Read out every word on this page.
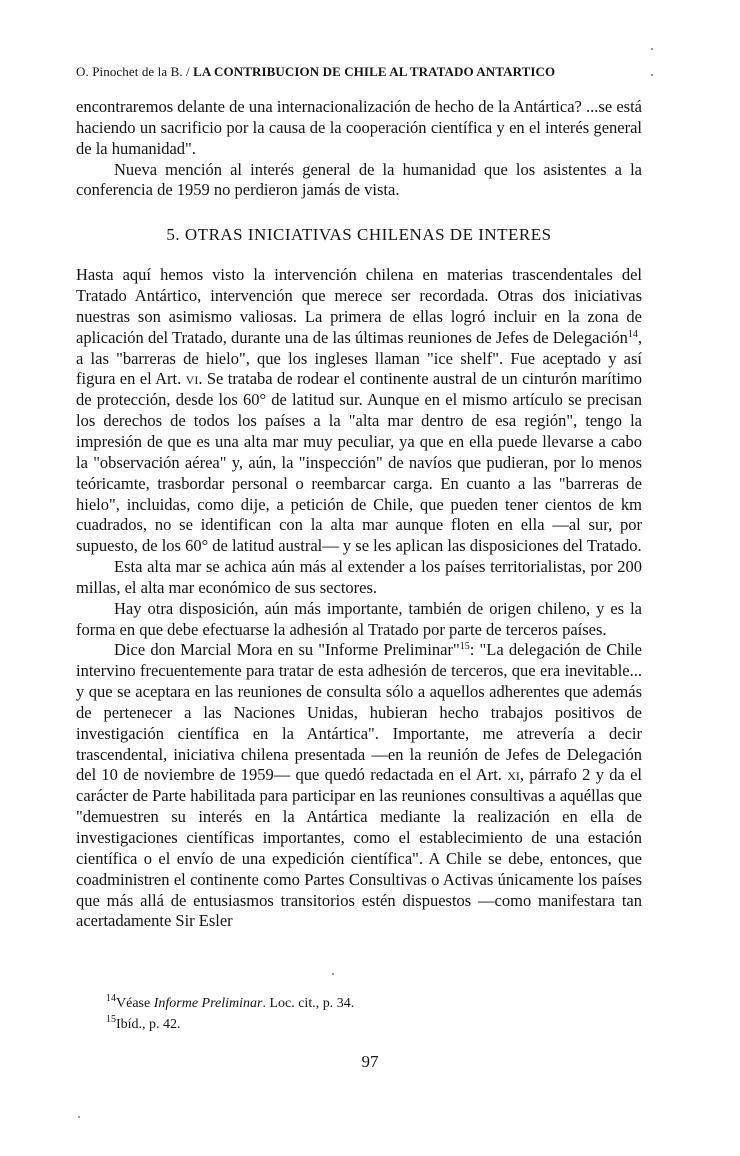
O. Pinochet de la B. / LA CONTRIBUCION DE CHILE AL TRATADO ANTARTICO

encontraremos delante de una internacionalización de hecho de la Antártica? ...se está haciendo un sacrificio por la causa de la cooperación científica y en el interés general de la humanidad".

Nueva mención al interés general de la humanidad que los asistentes a la conferencia de 1959 no perdieron jamás de vista.

5. OTRAS INICIATIVAS CHILENAS DE INTERES

Hasta aquí hemos visto la intervención chilena en materias trascendentales del Tratado Antártico, intervención que merece ser recordada. Otras dos iniciativas nuestras son asimismo valiosas. La primera de ellas logró incluir en la zona de aplicación del Tratado, durante una de las últimas reuniones de Jefes de Delegación$^{14}$, a las "barreras de hielo", que los ingleses llaman "ice shelf". Fue aceptado y así figura en el Art. vi. Se trataba de rodear el continente austral de un cinturón marítimo de protección, desde los 60° de latitud sur. Aunque en el mismo artículo se precisan los derechos de todos los países a la "alta mar dentro de esa región", tengo la impresión de que es una alta mar muy peculiar, ya que en ella puede llevarse a cabo la "observación aérea" y, aún, la "inspección" de navíos que pudieran, por lo menos teóricamte, trasbordar personal o reembarcar carga. En cuanto a las "barreras de hielo", incluidas, como dije, a petición de Chile, que pueden tener cientos de km cuadrados, no se identifican con la alta mar aunque floten en ella —al sur, por supuesto, de los 60° de latitud austral— y se les aplican las disposiciones del Tratado.

Esta alta mar se achica aún más al extender a los países territorialistas, por 200 millas, el alta mar económico de sus sectores.

Hay otra disposición, aún más importante, también de origen chileno, y es la forma en que debe efectuarse la adhesión al Tratado por parte de terceros países.

Dice don Marcial Mora en su "Informe Preliminar"$^{15}$: "La delegación de Chile intervino frecuentemente para tratar de esta adhesión de terceros, que era inevitable... y que se aceptara en las reuniones de consulta sólo a aquellos adherentes que además de pertenecer a las Naciones Unidas, hubieran hecho trabajos positivos de investigación científica en la Antártica". Importante, me atrevería a decir trascendental, iniciativa chilena presentada —en la reunión de Jefes de Delegación del 10 de noviembre de 1959— que quedó redactada en el Art. xi, párrafo 2 y da el carácter de Parte habilitada para participar en las reuniones consultivas a aquéllas que "demuestren su interés en la Antártica mediante la realización en ella de investigaciones científicas importantes, como el establecimiento de una estación científica o el envío de una expedición científica". A Chile se debe, entonces, que coadministren el continente como Partes Consultivas o Activas únicamente los países que más allá de entusiasmos transitorios estén dispuestos —como manifestara tan acertadamente Sir Esler

$^{14}$Véase Informe Preliminar. Loc. cit., p. 34.

$^{15}$Ibíd., p. 42.

97
